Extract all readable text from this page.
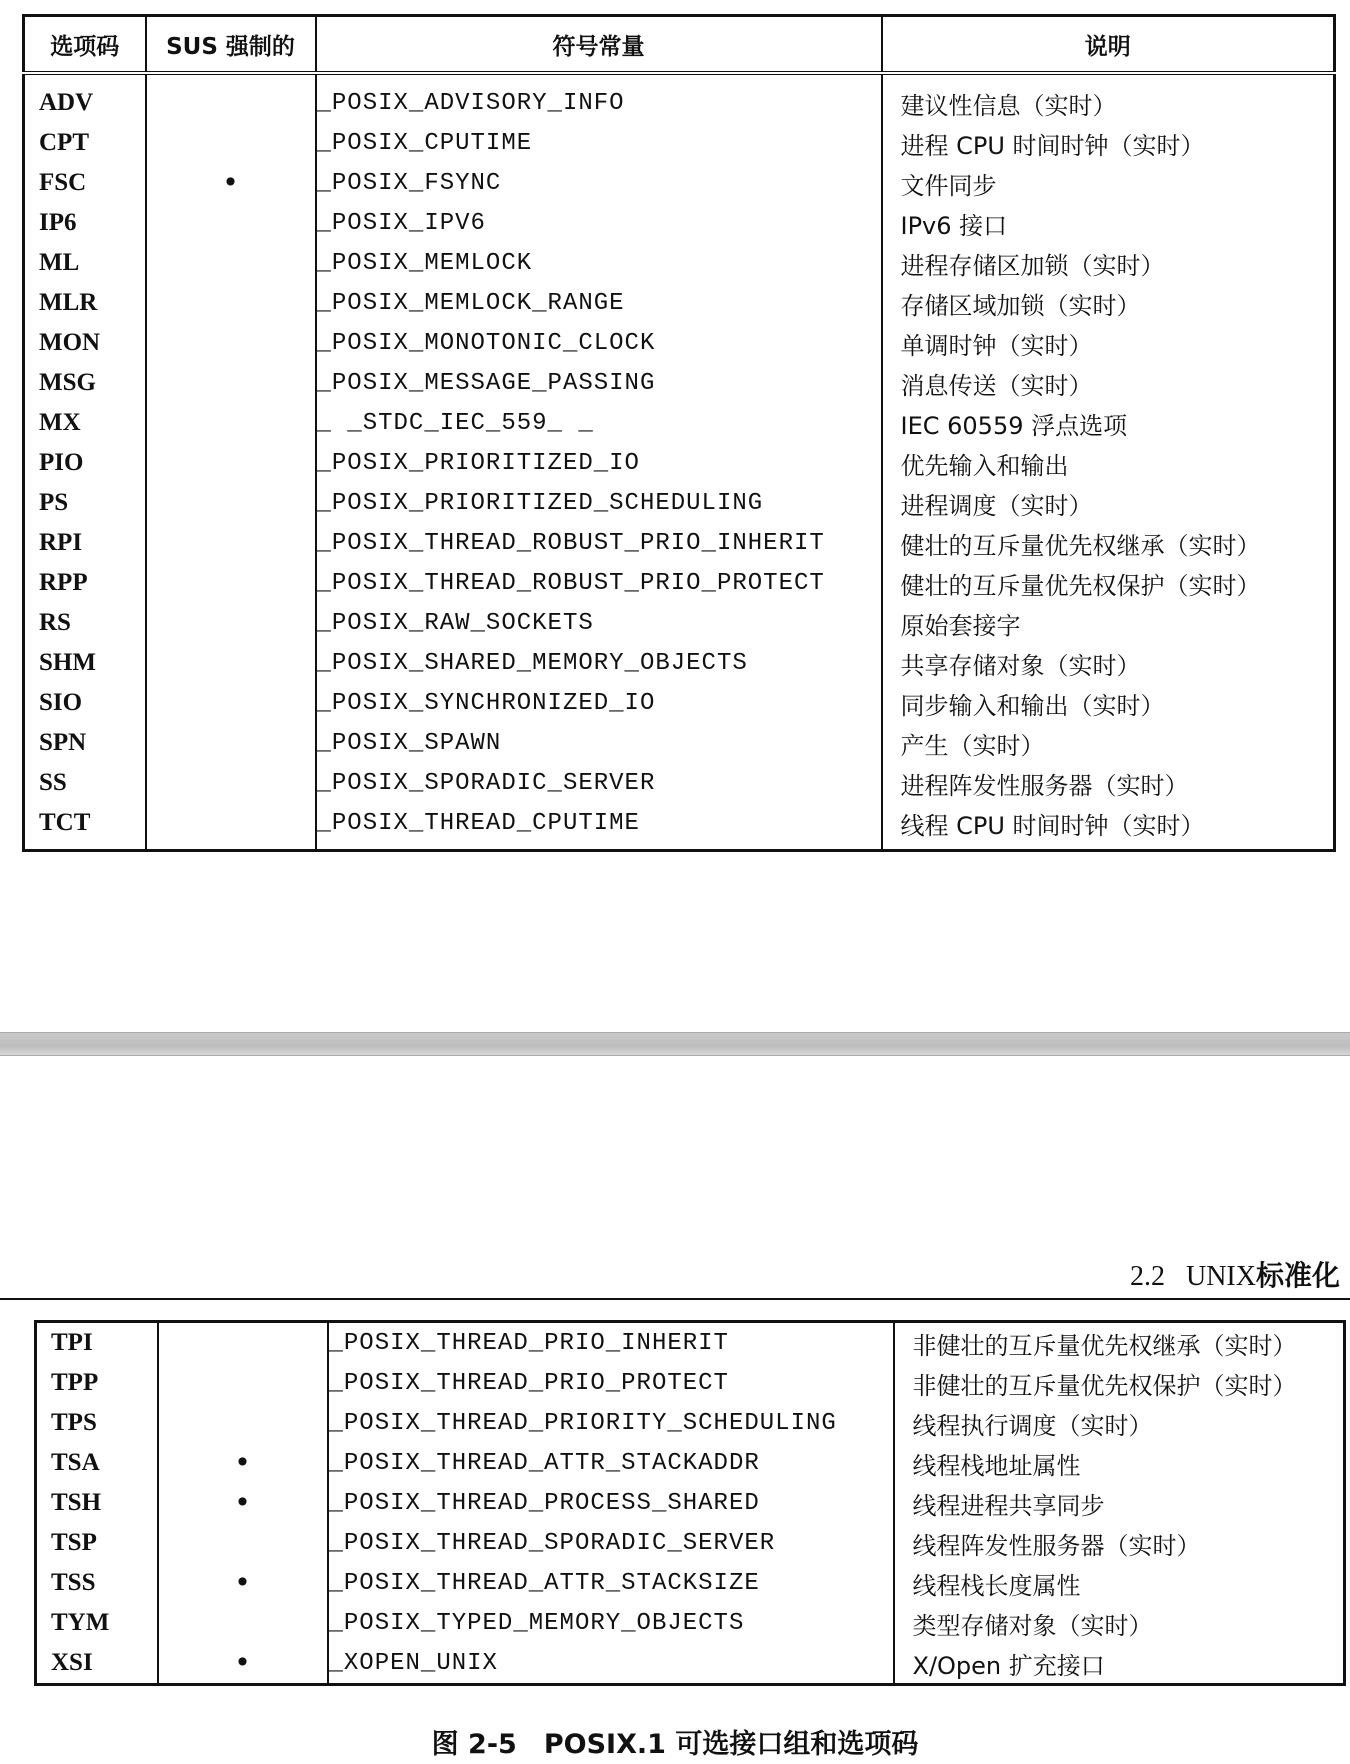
选项码	SUS 强制的	符号常量	说明
ADV		_POSIX_ADVISORY_INFO	建议性信息（实时）
CPT		_POSIX_CPUTIME	进程 CPU 时间时钟（实时）
FSC	•	_POSIX_FSYNC	文件同步
IP6		_POSIX_IPV6	IPv6 接口
ML		_POSIX_MEMLOCK	进程存储区加锁（实时）
MLR		_POSIX_MEMLOCK_RANGE	存储区域加锁（实时）
MON		_POSIX_MONOTONIC_CLOCK	单调时钟（实时）
MSG		_POSIX_MESSAGE_PASSING	消息传送（实时）
MX		_ _STDC_IEC_559_ _	IEC 60559 浮点选项
PIO		_POSIX_PRIORITIZED_IO	优先输入和输出
PS		_POSIX_PRIORITIZED_SCHEDULING	进程调度（实时）
RPI		_POSIX_THREAD_ROBUST_PRIO_INHERIT	健壮的互斥量优先权继承（实时）
RPP		_POSIX_THREAD_ROBUST_PRIO_PROTECT	健壮的互斥量优先权保护（实时）
RS		_POSIX_RAW_SOCKETS	原始套接字
SHM		_POSIX_SHARED_MEMORY_OBJECTS	共享存储对象（实时）
SIO		_POSIX_SYNCHRONIZED_IO	同步输入和输出（实时）
SPN		_POSIX_SPAWN	产生（实时）
SS		_POSIX_SPORADIC_SERVER	进程阵发性服务器（实时）
TCT		_POSIX_THREAD_CPUTIME	线程 CPU 时间时钟（实时）
2.2 UNIX标准化
TPI		_POSIX_THREAD_PRIO_INHERIT	非健壮的互斥量优先权继承（实时）
TPP		_POSIX_THREAD_PRIO_PROTECT	非健壮的互斥量优先权保护（实时）
TPS		_POSIX_THREAD_PRIORITY_SCHEDULING	线程执行调度（实时）
TSA	•	_POSIX_THREAD_ATTR_STACKADDR	线程栈地址属性
TSH	•	_POSIX_THREAD_PROCESS_SHARED	线程进程共享同步
TSP		_POSIX_THREAD_SPORADIC_SERVER	线程阵发性服务器（实时）
TSS	•	_POSIX_THREAD_ATTR_STACKSIZE	线程栈长度属性
TYM		_POSIX_TYPED_MEMORY_OBJECTS	类型存储对象（实时）
XSI	•	_XOPEN_UNIX	X/Open 扩充接口
图 2-5　POSIX.1 可选接口组和选项码
